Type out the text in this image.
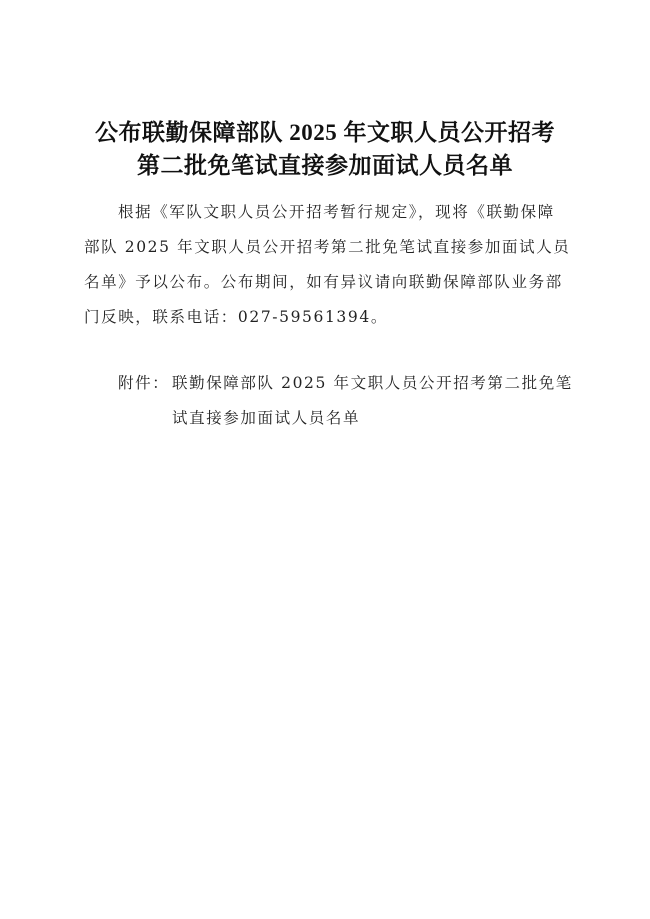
公布联勤保障部队 2025 年文职人员公开招考
第二批免笔试直接参加面试人员名单

根据《军队文职人员公开招考暂行规定》，现将《联勤保障

部队 2025 年文职人员公开招考第二批免笔试直接参加面试人员

名单》予以公布。公布期间，如有异议请向联勤保障部队业务部

门反映，联系电话：027-59561394。

附件： 联勤保障部队 2025 年文职人员公开招考第二批免笔
试直接参加面试人员名单
